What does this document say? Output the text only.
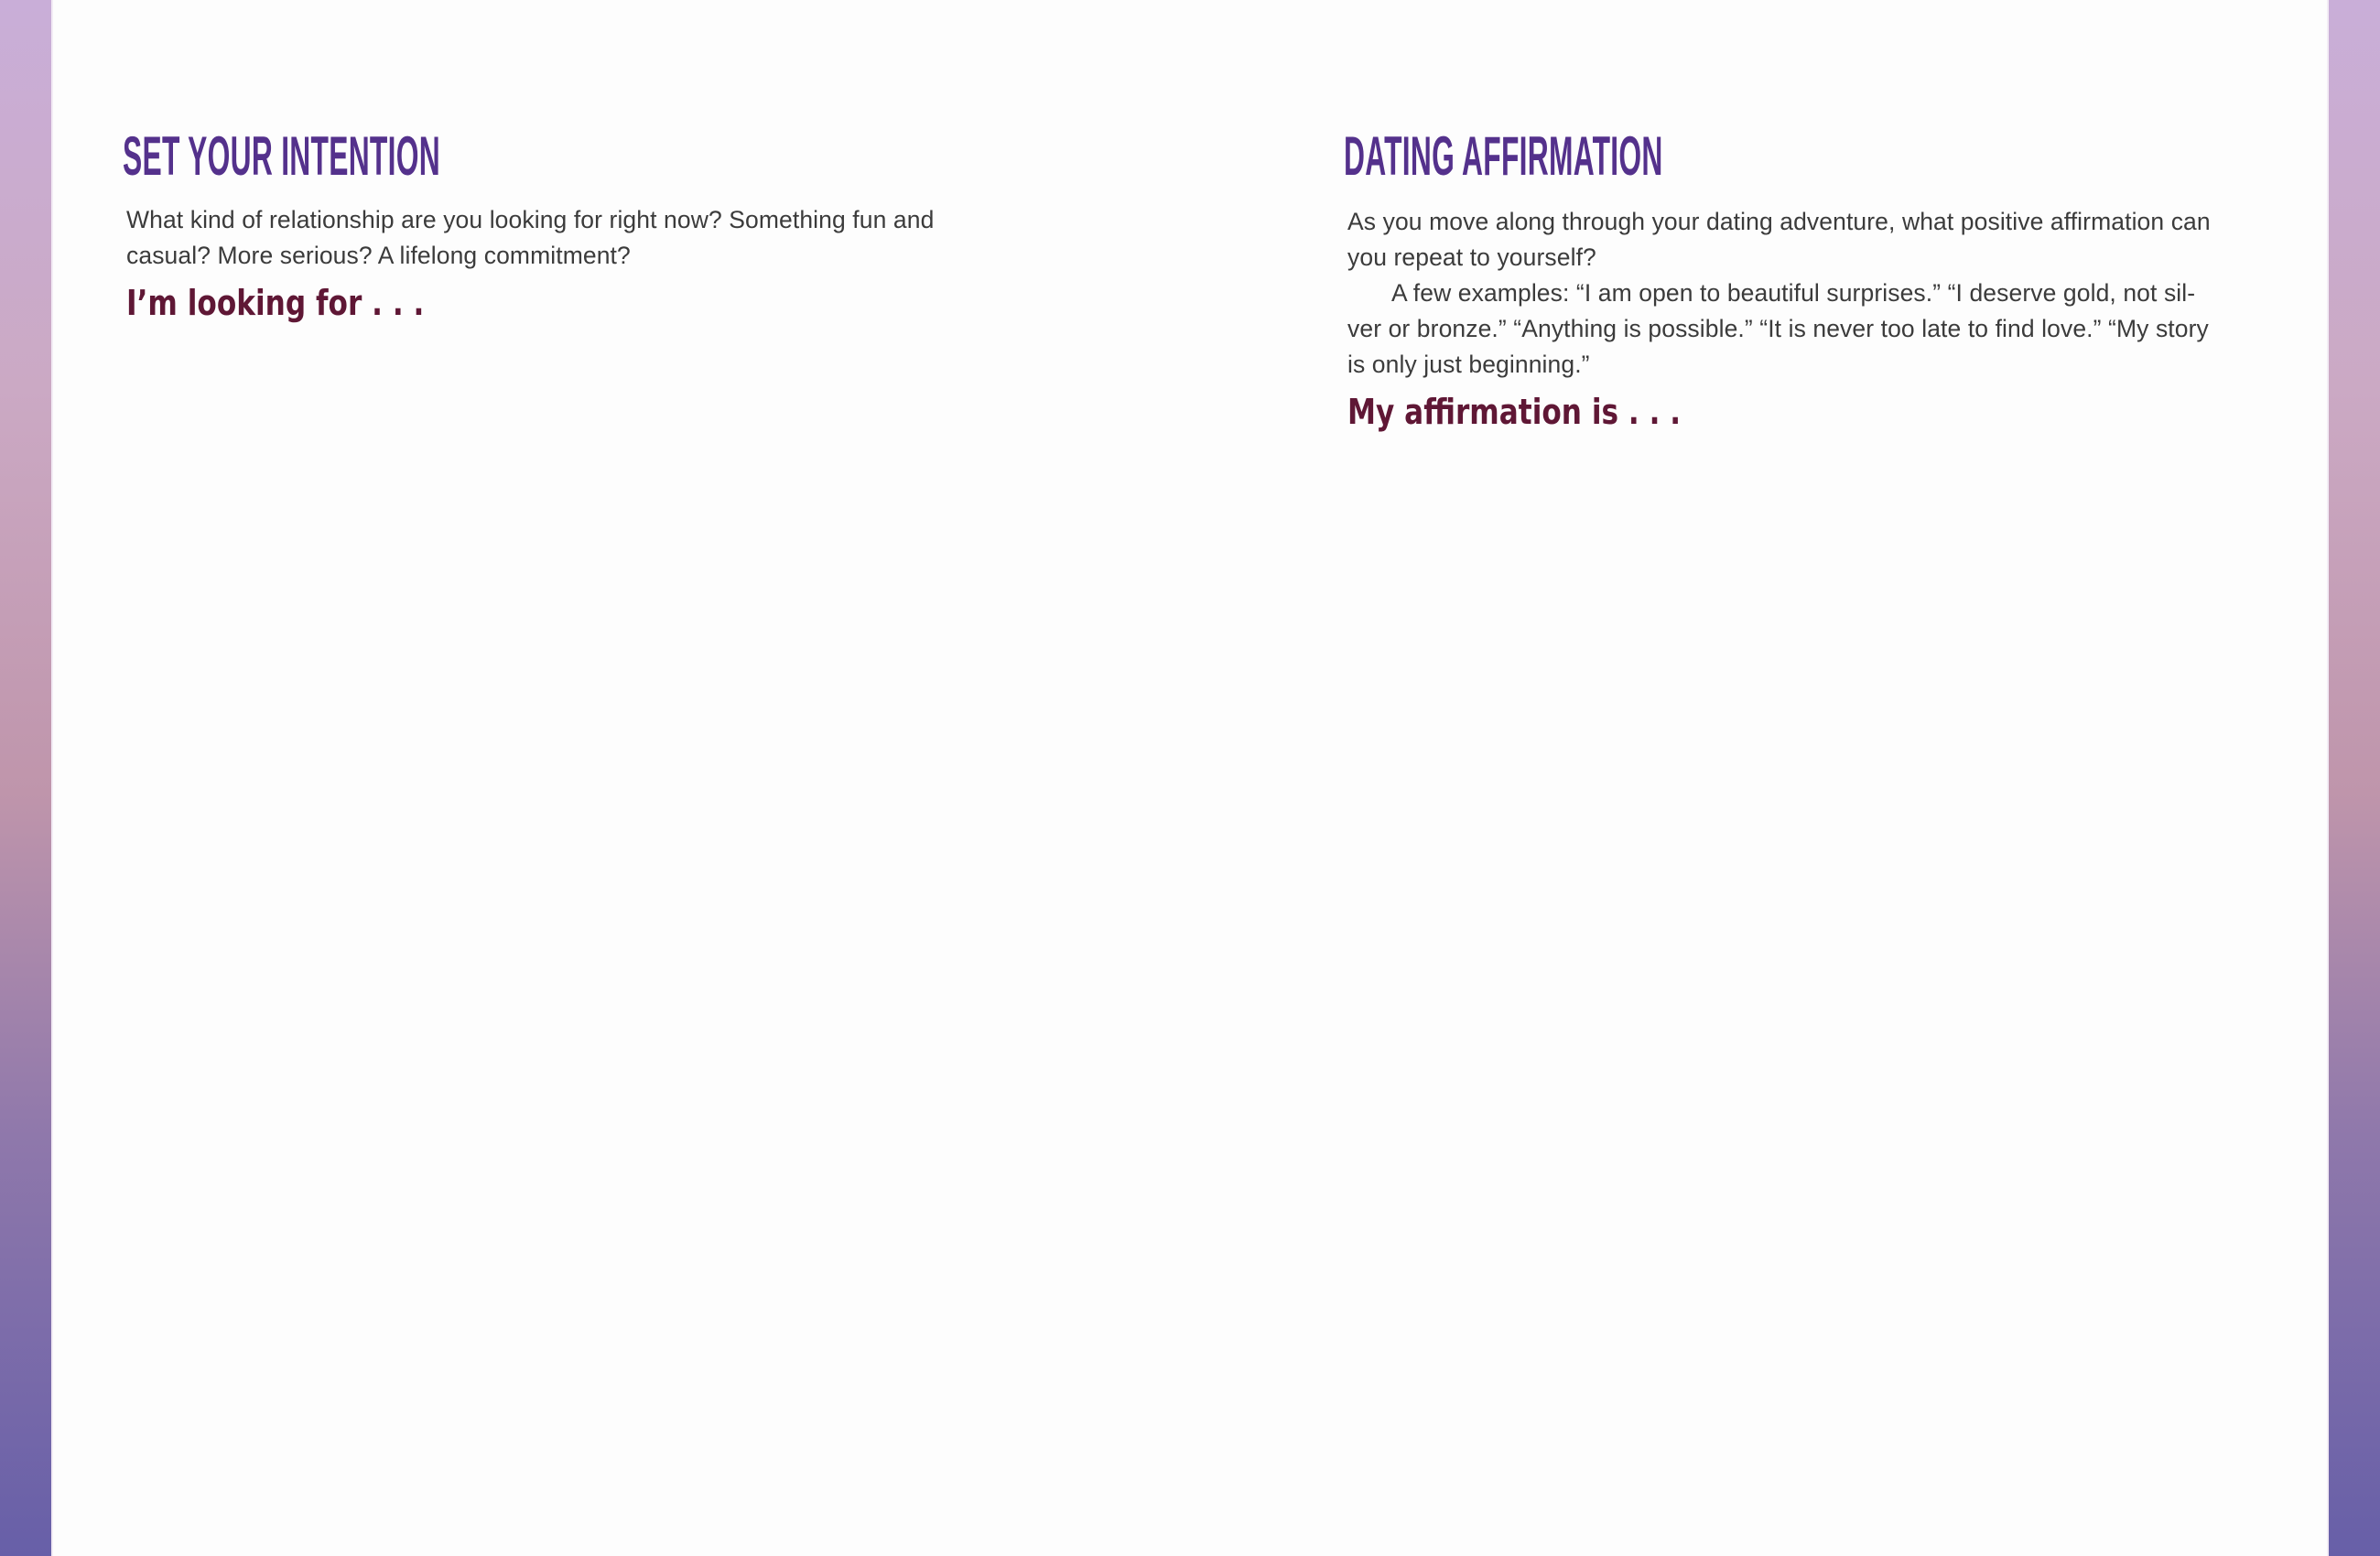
SET YOUR INTENTION
What kind of relationship are you looking for right now? Something fun and
casual? More serious? A lifelong commitment?
I’m looking for . . .
DATING AFFIRMATION
As you move along through your dating adventure, what positive affirmation can
you repeat to yourself?
A few examples: “I am open to beautiful surprises.” “I deserve gold, not sil-
ver or bronze.” “Anything is possible.” “It is never too late to find love.” “My story
is only just beginning.”
My affirmation is . . .
